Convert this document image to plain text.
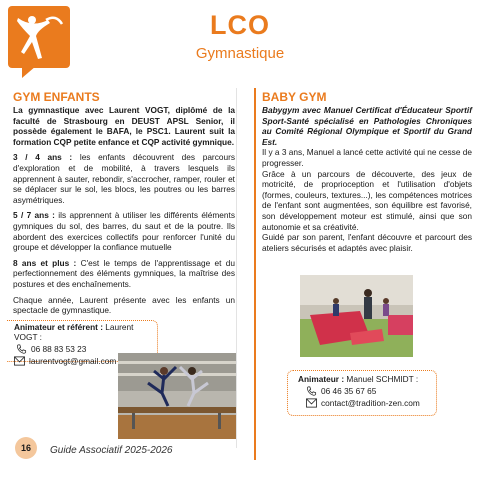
LCO
Gymnastique
GYM ENFANTS

La gymnastique avec Laurent VOGT, diplômé de la faculté de Strasbourg en DEUST APSL Senior, il possède également le BAFA, le PSC1. Laurent suit la formation CQP petite enfance et CQP activité gymnique.

3 / 4 ans : les enfants découvrent des parcours d'exploration et de mobilité, à travers lesquels ils apprennent à sauter, rebondir, s'accrocher, ramper, rouler et se déplacer sur le sol, les blocs, les poutres ou les barres asymétriques.

5 / 7 ans : ils apprennent à utiliser les différents éléments gymniques du sol, des barres, du saut et de la poutre. Ils abordent des exercices collectifs pour renforcer l'unité du groupe et développer la confiance mutuelle

8 ans et plus : C'est le temps de l'apprentissage et du perfectionnement des éléments gymniques, la maîtrise des postures et des enchaînements.

Chaque année, Laurent présente avec les enfants un spectacle de gymnastique.

Animateur et référent : Laurent VOGT :
06 88 83 53 23
laurentvogt@gmail.com
BABY GYM

Babygym avec Manuel Certificat d'Éducateur Sportif Sport-Santé spécialisé en Pathologies Chroniques au Comité Régional Olympique et Sportif du Grand Est.

Il y a 3 ans, Manuel a lancé cette activité qui ne cesse de progresser.

Grâce à un parcours de découverte, des jeux de motricité, de proprioception et l'utilisation d'objets (formes, couleurs, textures...), les compétences motrices de l'enfant sont augmentées, son équilibre est favorisé, son développement moteur est stimulé, ainsi que son autonomie et sa créativité.

Guidé par son parent, l'enfant découvre et parcourt des ateliers sécurisés et adaptés avec plaisir.

Animateur : Manuel SCHMIDT :
06 46 35 67 65
contact@tradition-zen.com
16	Guide Associatif 2025-2026
